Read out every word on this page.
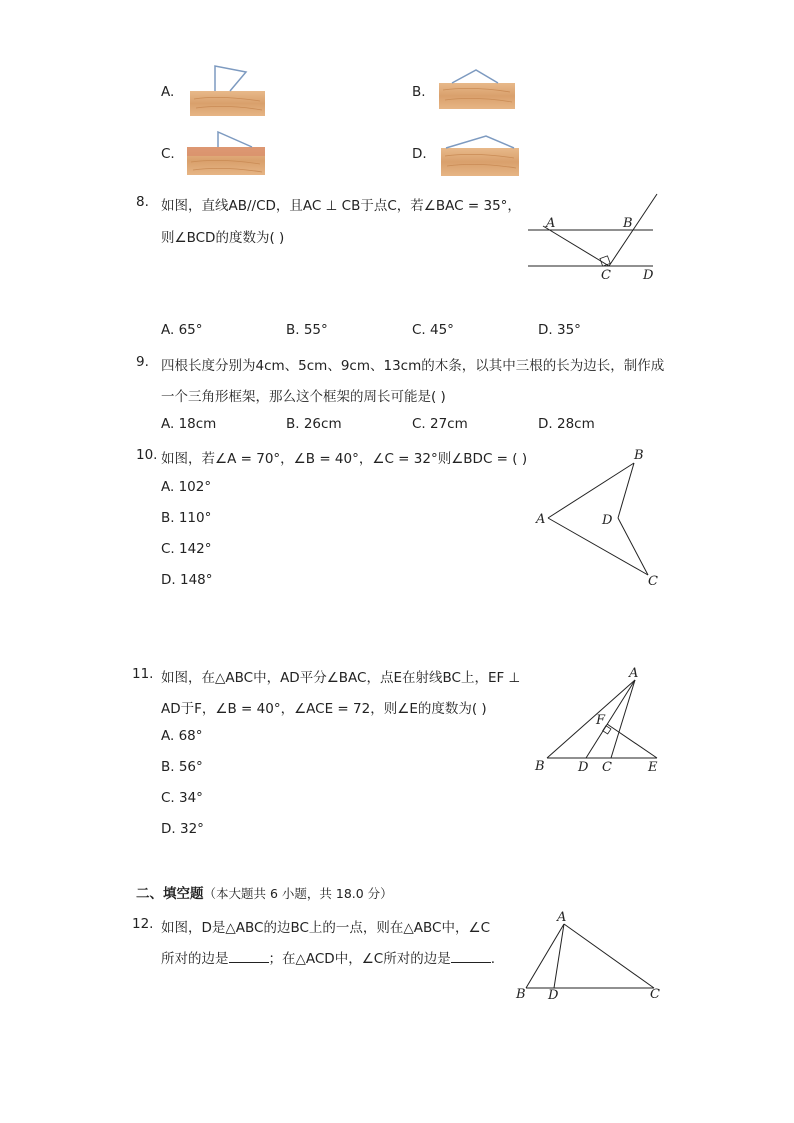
A.	B.
C.	D.
8. 如图，直线AB//CD，且AC ⊥ CB于点C，若∠BAC = 35°，
则∠BCD的度数为( )
A	B
C D
A. 65°	B. 55°	C. 45°	D. 35°
9. 四根长度分别为4cm、5cm、9cm、13cm的木条，以其中三根的长为边长，制作成
一个三角形框架，那么这个框架的周长可能是( )
A. 18cm	B. 26cm	C. 27cm	D. 28cm
10. 如图，若∠A = 70°，∠B = 40°，∠C = 32°则∠BDC = ( )
A. 102°
B. 110°
C. 142°
D. 148°
A
B
C
D
11. 如图，在△ABC中，AD平分∠BAC，点E在射线BC上，EF ⊥
AD于F，∠B = 40°，∠ACE = 72，则∠E的度数为( )
A. 68°
B. 56°
C. 34°
D. 32°
A
B	D C	E
F
二、填空题（本大题共 6 小题，共 18.0 分）
12. 如图，D是△ABC的边BC上的一点，则在△ABC中，∠C
所对的边是	；在△ACD中，∠C所对的边是	.
A
B D	C
